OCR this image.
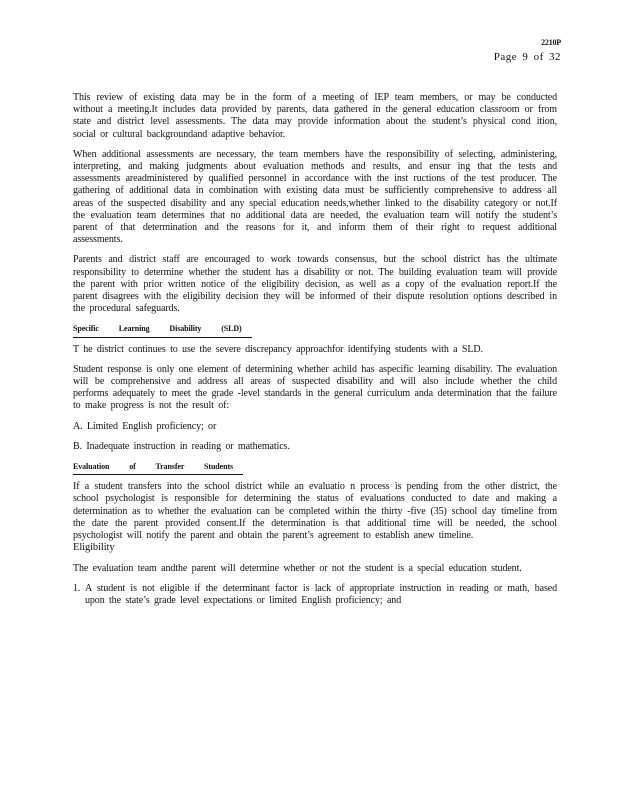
2210P
Page 9 of 32

This review of existing data may be in the form of a meeting of IEP team members, or may be conducted without a meeting.It includes data provided by parents, data gathered in the general education classroom or from state and district level assessments. The data may provide information about the student’s physical cond ition, social or cultural backgroundand adaptive behavior.

When additional assessments are necessary, the team members have the responsibility of selecting, administering, interpreting, and making judgments about evaluation methods and results, and ensur ing that the tests and assessments areadministered by qualified personnel in accordance with the inst ructions of the test producer. The gathering of additional data in combination with existing data must be sufficiently comprehensive to address all areas of the suspected disability and any special education needs,whether linked to the disability category or not.If the evaluation team determines that no additional data are needed, the evaluation team will notify the student’s parent of that determination and the reasons for it, and inform them of their right to request additional assessments.

Parents and district staff are encouraged to work towards consensus, but the school district has the ultimate responsibility to determine whether the student has a disability or not. The building evaluation team will provide the parent with prior written notice of the eligibility decision, as well as a copy of the evaluation report.If the parent disagrees with the eligibility decision they will be informed of their dispute resolution options described in the procedural safeguards.

Specific Learning Disability (SLD)

T he district continues to use the severe discrepancy approachfor identifying students with a SLD.

Student response is only one element of determining whether achild has aspecific learning disability. The evaluation will be comprehensive and address all areas of suspected disability and will also include whether the child performs adequately to meet the grade -level standards in the general curriculum anda determination that the failure to make progress is not the result of:

A. Limited English proficiency; or

B. Inadequate instruction in reading or mathematics.

Evaluation of Transfer Students

If a student transfers into the school district while an evaluatio n process is pending from the other district, the school psychologist is responsible for determining the status of evaluations conducted to date and making a determination as to whether the evaluation can be completed within the thirty -five (35) school day timeline from the date the parent provided consent.If the determination is that additional time will be needed, the school psychologist will notify the parent and obtain the parent’s agreement to establish anew timeline.

Eligibility

The evaluation team andthe parent will determine whether or not the student is a special education student.

1. A student is not eligible if the determinant factor is lack of appropriate instruction in reading or math, based upon the state’s grade level expectations or limited English proficiency; and
